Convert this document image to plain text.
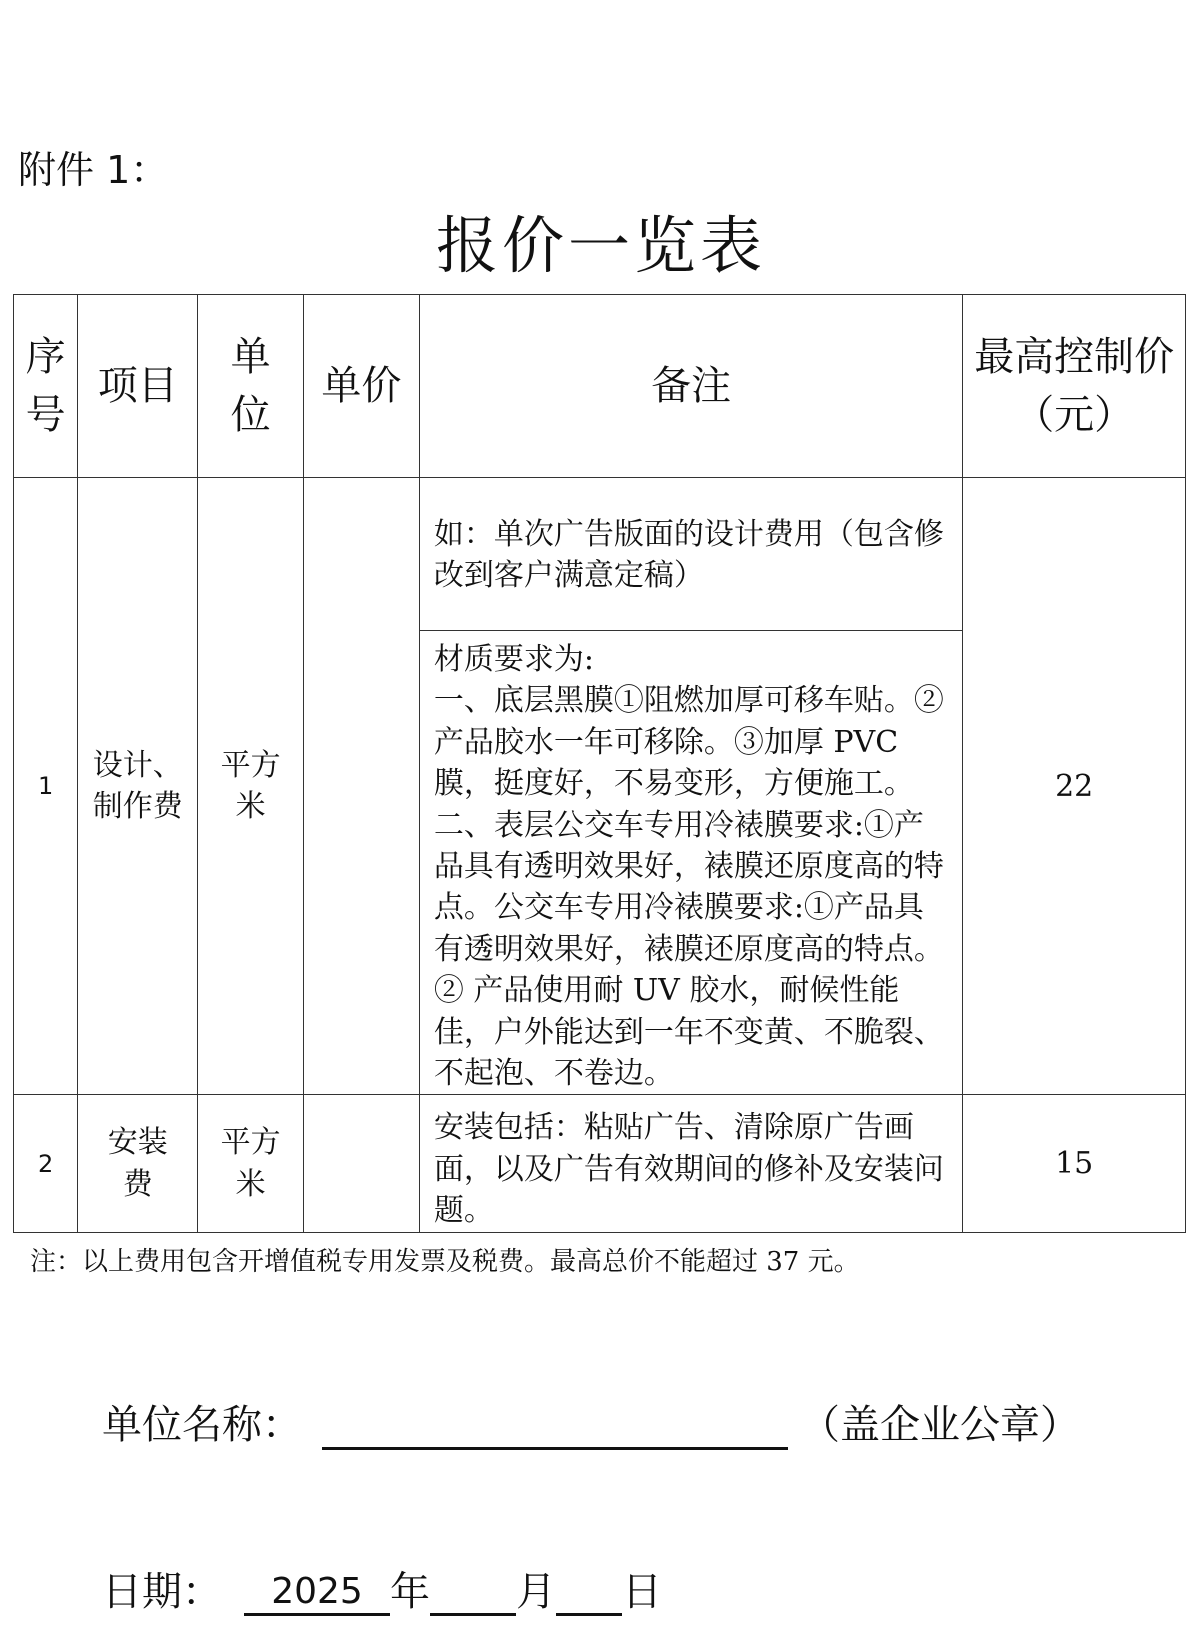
附件 1：
报价一览表
序号	项目	单位	单价	备注	最高控制价（元）
1	设计、制作费	平方米		如：单次广告版面的设计费用（包含修改到客户满意定稿）	22
				材质要求为:
一、底层黑膜①阻燃加厚可移车贴。②产品胶水一年可移除。③加厚 PVC 膜，挺度好，不易变形，方便施工。二、表层公交车专用冷裱膜要求:①产品具有透明效果好，裱膜还原度高的特点。公交车专用冷裱膜要求:①产品具有透明效果好，裱膜还原度高的特点。② 产品使用耐 UV 胶水，耐候性能佳，户外能达到一年不变黄、不脆裂、不起泡、不卷边。	
2	安装费	平方米		安装包括：粘贴广告、清除原广告画面，以及广告有效期间的修补及安装问题。	15
注：以上费用包含开增值税专用发票及税费。最高总价不能超过 37 元。
单位名称：	（盖企业公章）
日期：	2025 年 月 日
